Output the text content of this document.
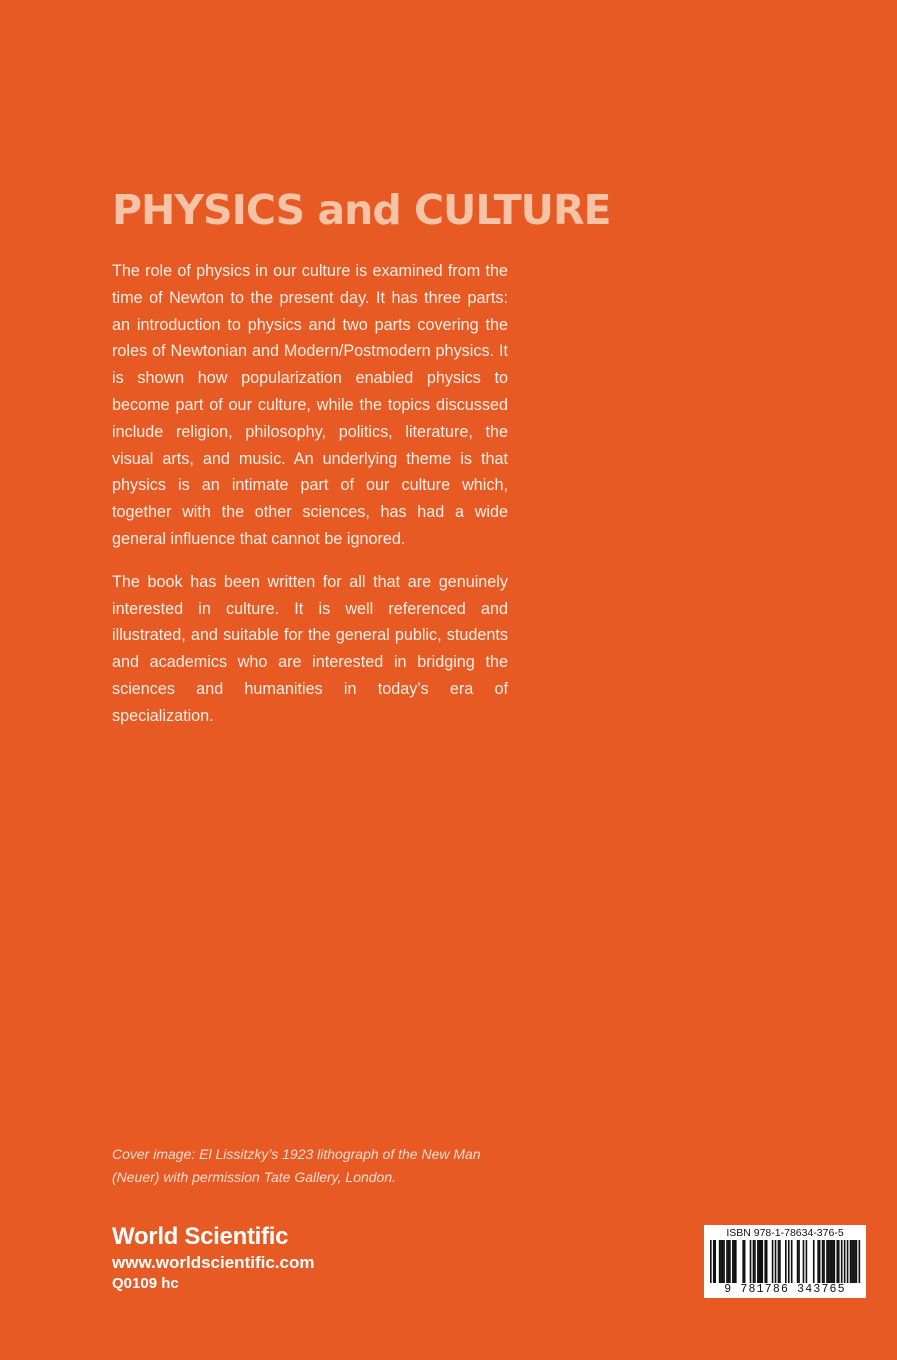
PHYSICS and CULTURE

The role of physics in our culture is examined from the time of Newton to the present day. It has three parts: an introduction to physics and two parts covering the roles of Newtonian and Modern/Postmodern physics. It is shown how popularization enabled physics to become part of our culture, while the topics discussed include religion, philosophy, politics, literature, the visual arts, and music. An underlying theme is that physics is an intimate part of our culture which, together with the other sciences, has had a wide general influence that cannot be ignored.

The book has been written for all that are genuinely interested in culture. It is well referenced and illustrated, and suitable for the general public, students and academics who are interested in bridging the sciences and humanities in today’s era of specialization.

Cover image: El Lissitzky’s 1923 lithograph of the New Man
(Neuer) with permission Tate Gallery, London.
World Scientific
www.worldscientific.com
Q0109 hc
ISBN 978-1-78634-376-5
9 781786 343765
